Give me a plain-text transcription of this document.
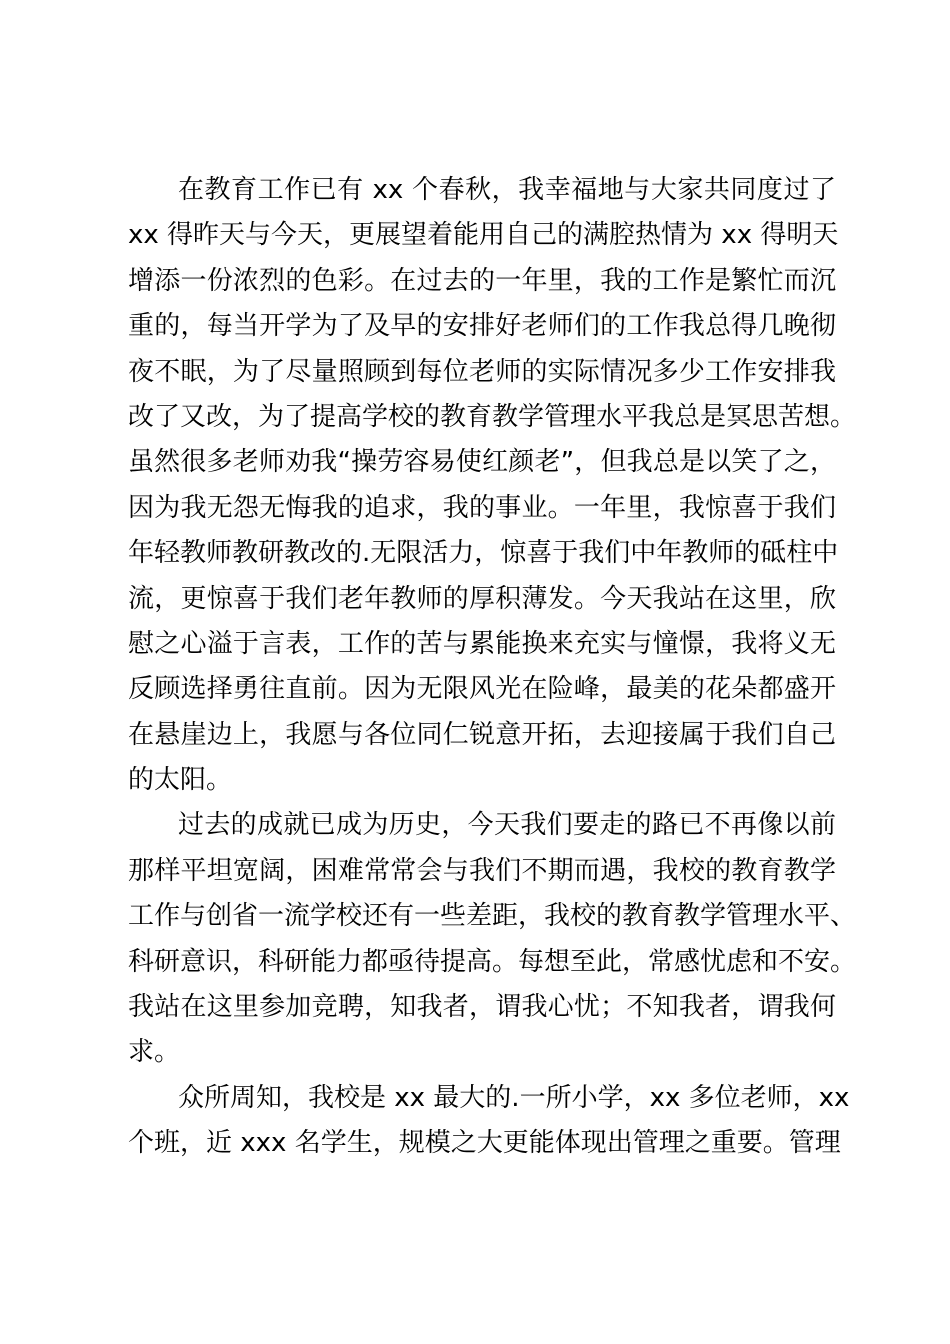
在教育工作已有 xx 个春秋，我幸福地与大家共同度过了
xx 得昨天与今天，更展望着能用自己的满腔热情为 xx 得明天
增添一份浓烈的色彩。在过去的一年里，我的工作是繁忙而沉
重的，每当开学为了及早的安排好老师们的工作我总得几晚彻
夜不眠，为了尽量照顾到每位老师的实际情况多少工作安排我
改了又改，为了提高学校的教育教学管理水平我总是冥思苦想。
虽然很多老师劝我“操劳容易使红颜老”，但我总是以笑了之，
因为我无怨无悔我的追求，我的事业。一年里，我惊喜于我们
年轻教师教研教改的.无限活力，惊喜于我们中年教师的砥柱中
流，更惊喜于我们老年教师的厚积薄发。今天我站在这里，欣
慰之心溢于言表，工作的苦与累能换来充实与憧憬，我将义无
反顾选择勇往直前。因为无限风光在险峰，最美的花朵都盛开
在悬崖边上，我愿与各位同仁锐意开拓，去迎接属于我们自己
的太阳。
过去的成就已成为历史，今天我们要走的路已不再像以前
那样平坦宽阔，困难常常会与我们不期而遇，我校的教育教学
工作与创省一流学校还有一些差距，我校的教育教学管理水平、
科研意识，科研能力都亟待提高。每想至此，常感忧虑和不安。
我站在这里参加竞聘，知我者，谓我心忧；不知我者，谓我何
求。
众所周知，我校是 xx 最大的.一所小学，xx 多位老师，xx
个班，近 xxx 名学生，规模之大更能体现出管理之重要。管理
